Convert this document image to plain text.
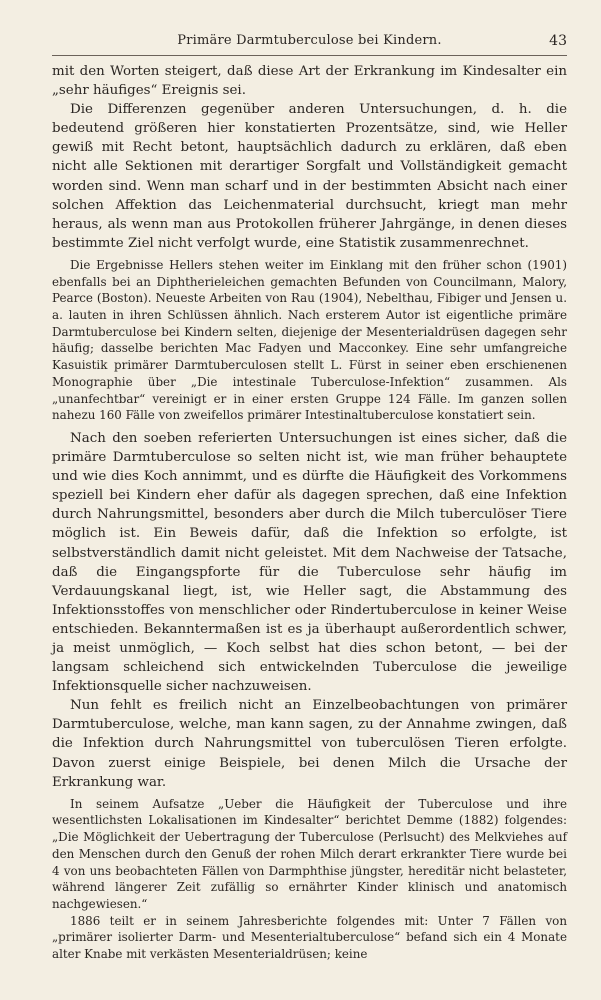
Primäre Darmtuberculose bei Kindern.	43

mit den Worten steigert, daß diese Art der Erkrankung im Kindesalter ein „sehr häufiges“ Ereignis sei.

Die Differenzen gegenüber anderen Untersuchungen, d. h. die bedeutend größeren hier konstatierten Prozentsätze, sind, wie Heller gewiß mit Recht betont, hauptsächlich dadurch zu erklären, daß eben nicht alle Sektionen mit derartiger Sorgfalt und Vollständigkeit gemacht worden sind. Wenn man scharf und in der bestimmten Absicht nach einer solchen Affektion das Leichenmaterial durchsucht, kriegt man mehr heraus, als wenn man aus Protokollen früherer Jahrgänge, in denen dieses bestimmte Ziel nicht verfolgt wurde, eine Statistik zusammenrechnet.

Die Ergebnisse Hellers stehen weiter im Einklang mit den früher schon (1901) ebenfalls bei an Diphtherieleichen gemachten Befunden von Councilmann, Malory, Pearce (Boston). Neueste Arbeiten von Rau (1904), Nebelthau, Fibiger und Jensen u. a. lauten in ihren Schlüssen ähnlich. Nach ersterem Autor ist eigentliche primäre Darmtuberculose bei Kindern selten, diejenige der Mesenterialdrüsen dagegen sehr häufig; dasselbe berichten Mac Fadyen und Macconkey. Eine sehr umfangreiche Kasuistik primärer Darmtuberculosen stellt L. Fürst in seiner eben erschienenen Monographie über „Die intestinale Tuberculose-Infektion“ zusammen. Als „unanfechtbar“ vereinigt er in einer ersten Gruppe 124 Fälle. Im ganzen sollen nahezu 160 Fälle von zweifellos primärer Intestinaltuberculose konstatiert sein.

Nach den soeben referierten Untersuchungen ist eines sicher, daß die primäre Darmtuberculose so selten nicht ist, wie man früher behauptete und wie dies Koch annimmt, und es dürfte die Häufigkeit des Vorkommens speziell bei Kindern eher dafür als dagegen sprechen, daß eine Infektion durch Nahrungsmittel, besonders aber durch die Milch tuberculöser Tiere möglich ist. Ein Beweis dafür, daß die Infektion so erfolgte, ist selbstverständlich damit nicht geleistet. Mit dem Nachweise der Tatsache, daß die Eingangspforte für die Tuberculose sehr häufig im Verdauungskanal liegt, ist, wie Heller sagt, die Abstammung des Infektionsstoffes von menschlicher oder Rindertuberculose in keiner Weise entschieden. Bekanntermaßen ist es ja überhaupt außerordentlich schwer, ja meist unmöglich, — Koch selbst hat dies schon betont, — bei der langsam schleichend sich entwickelnden Tuberculose die jeweilige Infektionsquelle sicher nachzuweisen.

Nun fehlt es freilich nicht an Einzelbeobachtungen von primärer Darmtuberculose, welche, man kann sagen, zu der Annahme zwingen, daß die Infektion durch Nahrungsmittel von tuberculösen Tieren erfolgte. Davon zuerst einige Beispiele, bei denen Milch die Ursache der Erkrankung war.

In seinem Aufsatze „Ueber die Häufigkeit der Tuberculose und ihre wesentlichsten Lokalisationen im Kindesalter“ berichtet Demme (1882) folgendes: „Die Möglichkeit der Uebertragung der Tuberculose (Perlsucht) des Melkviehes auf den Menschen durch den Genuß der rohen Milch derart erkrankter Tiere wurde bei 4 von uns beobachteten Fällen von Darmphthise jüngster, hereditär nicht belasteter, während längerer Zeit zufällig so ernährter Kinder klinisch und anatomisch nachgewiesen.“

1886 teilt er in seinem Jahresberichte folgendes mit: Unter 7 Fällen von „primärer isolierter Darm- und Mesenterialtuberculose“ befand sich ein 4 Monate alter Knabe mit verkästen Mesenterialdrüsen; keine
